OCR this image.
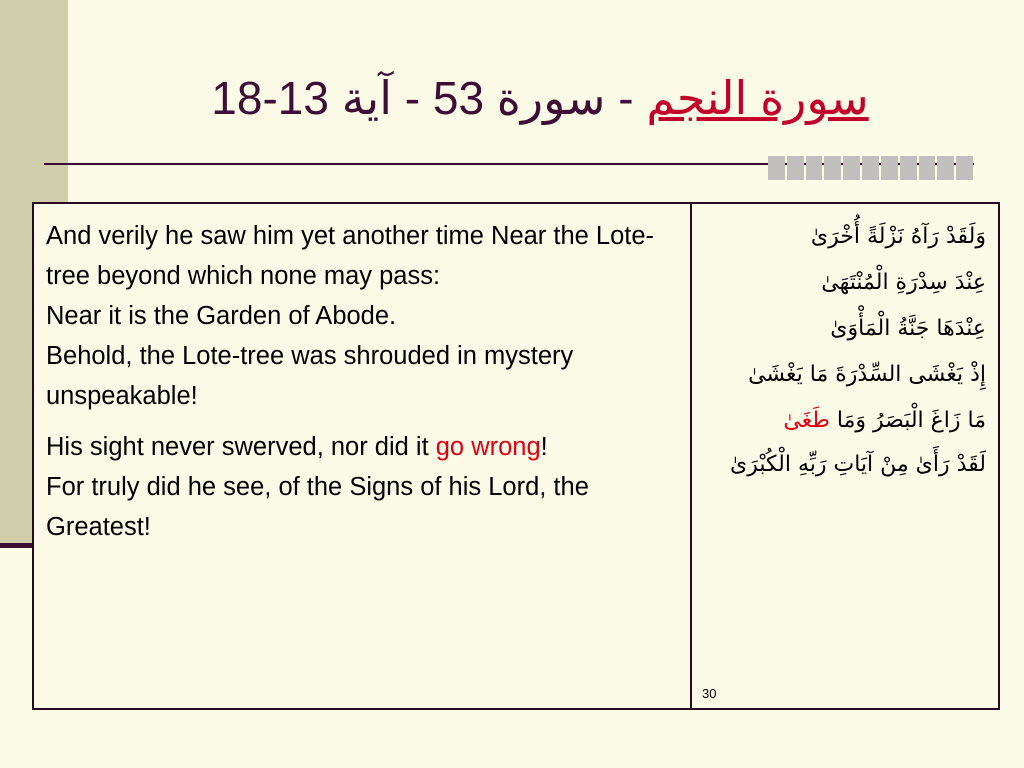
سورة النجم - سورة 53 - آية 13-18

And verily he saw him yet another time Near the Lote-tree beyond which none may pass:
Near it is the Garden of Abode.
Behold, the Lote-tree was shrouded in mystery unspeakable!

His sight never swerved, nor did it go wrong!
For truly did he see, of the Signs of his Lord, the Greatest!

وَلَقَدْ رَآهُ نَزْلَةً أُخْرَىٰ

عِنْدَ سِدْرَةِ الْمُنْتَهَىٰ

عِنْدَهَا جَنَّةُ الْمَأْوَىٰ

إِذْ يَغْشَى السِّدْرَةَ مَا يَغْشَىٰ

مَا زَاغَ الْبَصَرُ وَمَا طَغَىٰ

لَقَدْ رَأَىٰ مِنْ آيَاتِ رَبِّهِ الْكُبْرَىٰ

30
